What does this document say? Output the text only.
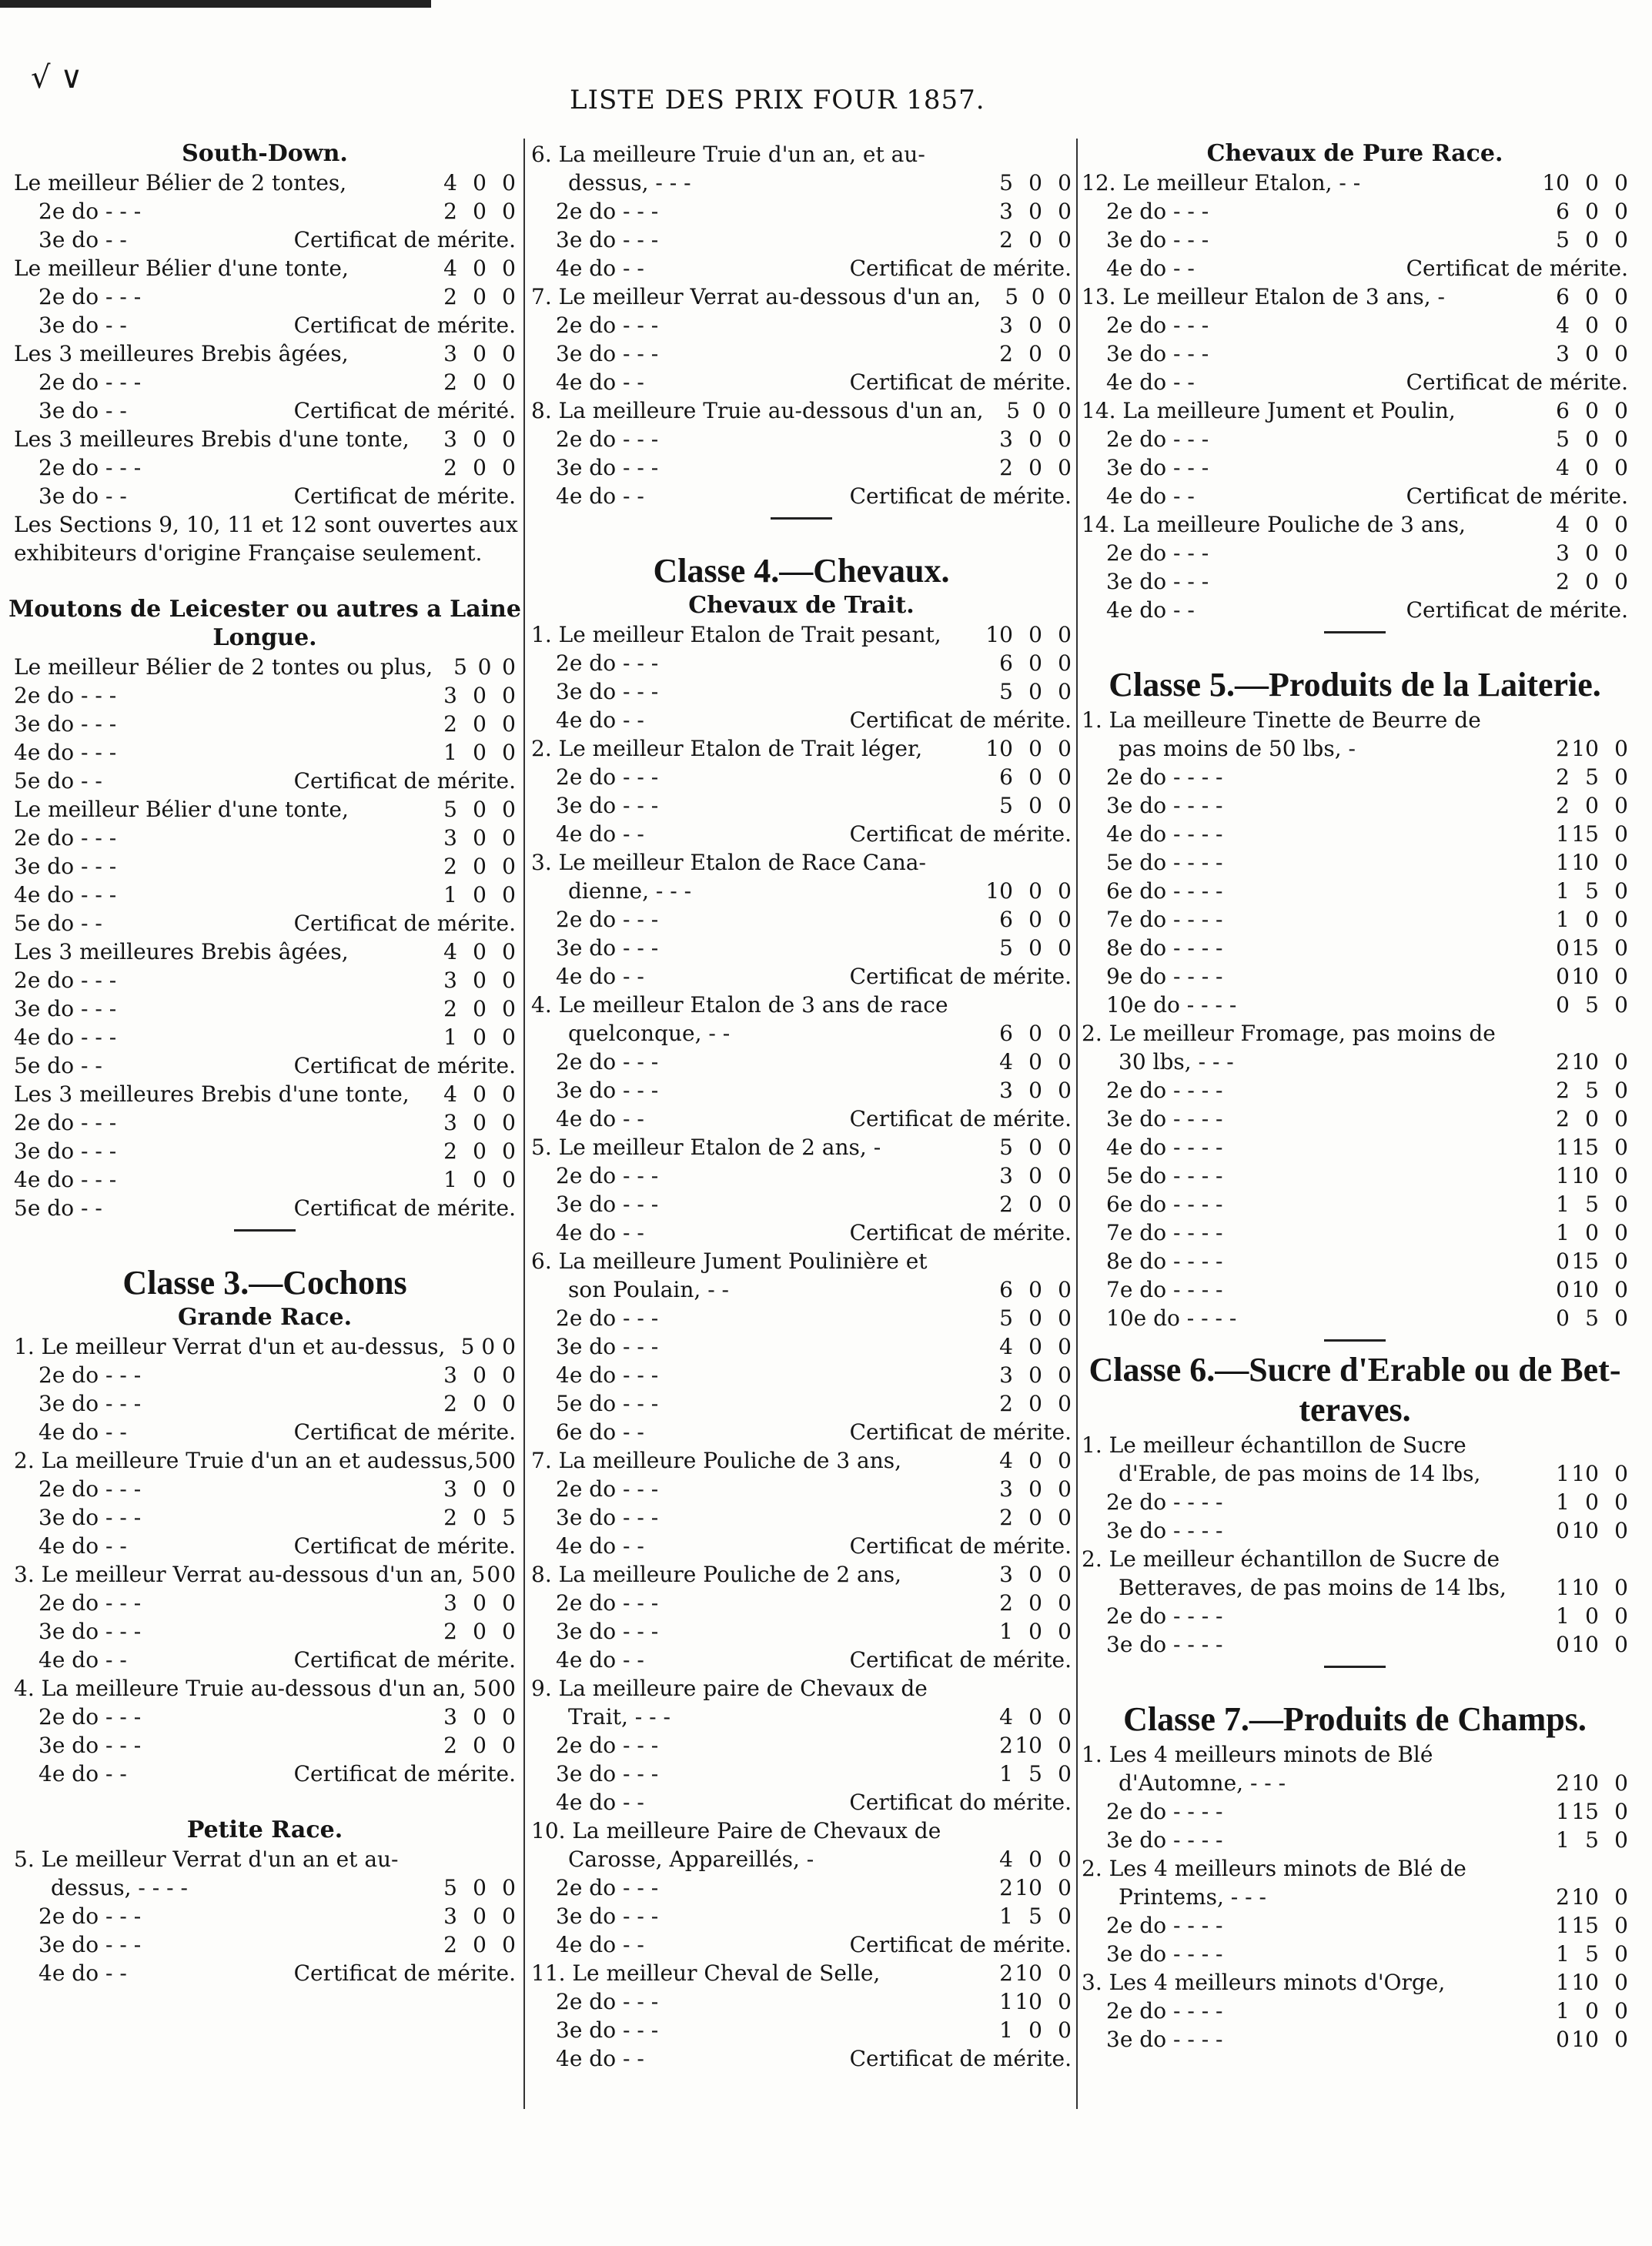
√ ∨
LISTE DES PRIX FOUR 1857.
South-Down.
Le meilleur Bélier de 2 tontes,	4 0 0
2e do - - -	2 0 0
3e do - -	Certificat de mérite.
Le meilleur Bélier d'une tonte,	4 0 0
2e do - - -	2 0 0
3e do - -	Certificat de mérite.
Les 3 meilleures Brebis âgées,	3 0 0
2e do - - -	2 0 0
3e do - -	Certificat de mérité.
Les 3 meilleures Brebis d'une tonte,	3 0 0
2e do - - -	2 0 0
3e do - -	Certificat de mérite.
Les Sections 9, 10, 11 et 12 sont ouvertes aux
exhibiteurs d'origine Française seulement.
Moutons de Leicester ou autres a Laine
Longue.
Le meilleur Bélier de 2 tontes ou plus, 5 0 0
2e do - - -	3 0 0
3e do - - -	2 0 0
4e do - - -	1 0 0
5e do - -	Certificat de mérite.
Le meilleur Bélier d'une tonte,	5 0 0
2e do - - -	3 0 0
3e do - - -	2 0 0
4e do - - -	1 0 0
5e do - -	Certificat de mérite.
Les 3 meilleures Brebis âgées,	4 0 0
2e do - - -	3 0 0
3e do - - -	2 0 0
4e do - - -	1 0 0
5e do - -	Certificat de mérite.
Les 3 meilleures Brebis d'une tonte,	4 0 0
2e do - - -	3 0 0
3e do - - -	2 0 0
4e do - - -	1 0 0
5e do - -	Certificat de mérite.
Classe 3.—Cochons
Grande Race.
1. Le meilleur Verrat d'un et au-dessus, 5 0 0
2e do - - -	3 0 0
3e do - - -	2 0 0
4e do - -	Certificat de mérite.
2. La meilleure Truie d'un an et audessus, 5 0 0
2e do - - -	3 0 0
3e do - - -	2 0 5
4e do - -	Certificat de mérite.
3. Le meilleur Verrat au-dessous d'un an, 5 0 0
2e do - - -	3 0 0
3e do - - -	2 0 0
4e do - -	Certificat de mérite.
4. La meilleure Truie au-dessous d'un an, 5 0 0
2e do - - -	3 0 0
3e do - - -	2 0 0
4e do - -	Certificat de mérite.
Petite Race.
5. Le meilleur Verrat d'un an et au-
dessus, - - - -	5 0 0
2e do - - -	3 0 0
3e do - - -	2 0 0
4e do - -	Certificat de mérite.
6. La meilleure Truie d'un an, et au-
dessus, - - -	5 0 0
2e do - - -	3 0 0
3e do - - -	2 0 0
4e do - -	Certificat de mérite.
7. Le meilleur Verrat au-dessous d'un an,	5 0 0
2e do - - -	3 0 0
3e do - - -	2 0 0
4e do - -	Certificat de mérite.
8. La meilleure Truie au-dessous d'un an,	5 0 0
2e do - - -	3 0 0
3e do - - -	2 0 0
4e do - -	Certificat de mérite.
Classe 4.—Chevaux.
Chevaux de Trait.
1. Le meilleur Etalon de Trait pesant,	10 0 0
2e do - - -	6 0 0
3e do - - -	5 0 0
4e do - -	Certificat de mérite.
2. Le meilleur Etalon de Trait léger,	10 0 0
2e do - - -	6 0 0
3e do - - -	5 0 0
4e do - -	Certificat de mérite.
3. Le meilleur Etalon de Race Cana-
dienne, - - -	10 0 0
2e do - - -	6 0 0
3e do - - -	5 0 0
4e do - -	Certificat de mérite.
4. Le meilleur Etalon de 3 ans de race
quelconque, - -	6 0 0
2e do - - -	4 0 0
3e do - - -	3 0 0
4e do - -	Certificat de mérite.
5. Le meilleur Etalon de 2 ans, -	5 0 0
2e do - - -	3 0 0
3e do - - -	2 0 0
4e do - -	Certificat de mérite.
6. La meilleure Jument Poulinière et
son Poulain, - -	6 0 0
2e do - - -	5 0 0
3e do - - -	4 0 0
4e do - - -	3 0 0
5e do - - -	2 0 0
6e do - -	Certificat de mérite.
7. La meilleure Pouliche de 3 ans,	4 0 0
2e do - - -	3 0 0
3e do - - -	2 0 0
4e do - -	Certificat de mérite.
8. La meilleure Pouliche de 2 ans,	3 0 0
2e do - - -	2 0 0
3e do - - -	1 0 0
4e do - -	Certificat de mérite.
9. La meilleure paire de Chevaux de
Trait, - - -	4 0 0
2e do - - -	2 10 0
3e do - - -	1 5 0
4e do - -	Certificat do mérite.
10. La meilleure Paire de Chevaux de
Carosse, Appareillés, -	4 0 0
2e do - - -	2 10 0
3e do - - -	1 5 0
4e do - -	Certificat de mérite.
11. Le meilleur Cheval de Selle,	2 10 0
2e do - - -	1 10 0
3e do - - -	1 0 0
4e do - -	Certificat de mérite.
Chevaux de Pure Race.
12. Le meilleur Etalon, - -	10 0 0
2e do - - -	6 0 0
3e do - - -	5 0 0
4e do - -	Certificat de mérite.
13. Le meilleur Etalon de 3 ans, -	6 0 0
2e do - - -	4 0 0
3e do - - -	3 0 0
4e do - -	Certificat de mérite.
14. La meilleure Jument et Poulin,	6 0 0
2e do - - -	5 0 0
3e do - - -	4 0 0
4e do - -	Certificat de mérite.
14. La meilleure Pouliche de 3 ans,	4 0 0
2e do - - -	3 0 0
3e do - - -	2 0 0
4e do - -	Certificat de mérite.
Classe 5.—Produits de la Laiterie.
1. La meilleure Tinette de Beurre de
pas moins de 50 lbs, -	2 10 0
2e do - - - -	2 5 0
3e do - - - -	2 0 0
4e do - - - -	1 15 0
5e do - - - -	1 10 0
6e do - - - -	1 5 0
7e do - - - -	1 0 0
8e do - - - -	0 15 0
9e do - - - -	0 10 0
10e do - - - -	0 5 0
2. Le meilleur Fromage, pas moins de
30 lbs, - - -	2 10 0
2e do - - - -	2 5 0
3e do - - - -	2 0 0
4e do - - - -	1 15 0
5e do - - - -	1 10 0
6e do - - - -	1 5 0
7e do - - - -	1 0 0
8e do - - - -	0 15 0
7e do - - - -	0 10 0
10e do - - - -	0 5 0
Classe 6.—Sucre d'Erable ou de Bet-
teraves.
1. Le meilleur échantillon de Sucre
d'Erable, de pas moins de 14 lbs,	1 10 0
2e do - - - -	1 0 0
3e do - - - -	0 10 0
2. Le meilleur échantillon de Sucre de
Betteraves, de pas moins de 14 lbs,	1 10 0
2e do - - - -	1 0 0
3e do - - - -	0 10 0
Classe 7.—Produits de Champs.
1. Les 4 meilleurs minots de Blé
d'Automne, - - -	2 10 0
2e do - - - -	1 15 0
3e do - - - -	1 5 0
2. Les 4 meilleurs minots de Blé de
Printems, - - -	2 10 0
2e do - - - -	1 15 0
3e do - - - -	1 5 0
3. Les 4 meilleurs minots d'Orge,	1 10 0
2e do - - - -	1 0 0
3e do - - - -	0 10 0
